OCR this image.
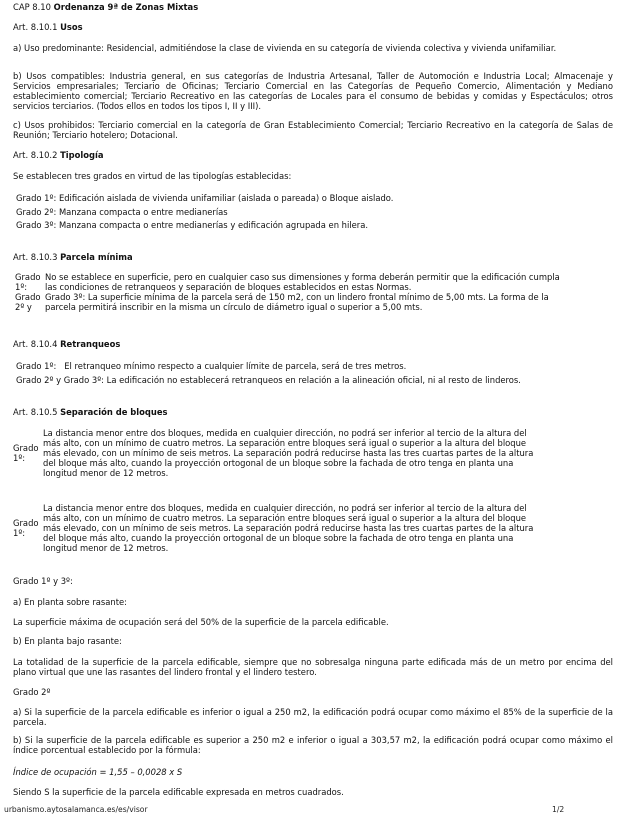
CAP 8.10 Ordenanza 9ª de Zonas Mixtas
Art. 8.10.1 Usos
a) Uso predominante: Residencial, admitiéndose la clase de vivienda en su categoría de vivienda colectiva y vivienda unifamiliar.
b) Usos compatibles: Industria general, en sus categorías de Industria Artesanal, Taller de Automoción e Industria Local; Almacenaje y Servicios empresariales; Terciario de Oficinas; Terciario Comercial en las Categorías de Pequeño Comercio, Alimentación y Mediano establecimiento comercial; Terciario Recreativo en las categorías de Locales para el consumo de bebidas y comidas y Espectáculos; otros servicios terciarios. (Todos ellos en todos los tipos I, II y III).
c) Usos prohibidos: Terciario comercial en la categoría de Gran Establecimiento Comercial; Terciario Recreativo en la categoría de Salas de Reunión; Terciario hotelero; Dotacional.
Art. 8.10.2 Tipología
Se establecen tres grados en virtud de las tipologías establecidas:
Grado 1º: Edificación aislada de vivienda unifamiliar (aislada o pareada) o Bloque aislado.
Grado 2º: Manzana compacta o entre medianerías
Grado 3º: Manzana compacta o entre medianerías y edificación agrupada en hilera.
Art. 8.10.3 Parcela mínima
Grado 1º:	No se establece en superficie, pero en cualquier caso sus dimensiones y forma deberán permitir que la edificación cumpla las condiciones de retranqueos y separación de bloques establecidos en estas Normas.
Grado 2º y	Grado 3º: La superficie mínima de la parcela será de 150 m2, con un lindero frontal mínimo de 5,00 mts. La forma de la parcela permitirá inscribir en la misma un círculo de diámetro igual o superior a 5,00 mts.
Art. 8.10.4 Retranqueos
Grado 1º:   El retranqueo mínimo respecto a cualquier límite de parcela, será de tres metros.
Grado 2º y Grado 3º: La edificación no establecerá retranqueos en relación a la alineación oficial, ni al resto de linderos.
Art. 8.10.5 Separación de bloques
Grado 1º:	La distancia menor entre dos bloques, medida en cualquier dirección, no podrá ser inferior al tercio de la altura del más alto, con un mínimo de cuatro metros. La separación entre bloques será igual o superior a la altura del bloque más elevado, con un mínimo de seis metros. La separación podrá reducirse hasta las tres cuartas partes de la altura del bloque más alto, cuando la proyección ortogonal de un bloque sobre la fachada de otro tenga en planta una longitud menor de 12 metros.
Grado 1º:	La distancia menor entre dos bloques, medida en cualquier dirección, no podrá ser inferior al tercio de la altura del más alto, con un mínimo de cuatro metros. La separación entre bloques será igual o superior a la altura del bloque más elevado, con un mínimo de seis metros. La separación podrá reducirse hasta las tres cuartas partes de la altura del bloque más alto, cuando la proyección ortogonal de un bloque sobre la fachada de otro tenga en planta una longitud menor de 12 metros.
Grado 1º y 3º:
a) En planta sobre rasante:
La superficie máxima de ocupación será del 50% de la superficie de la parcela edificable.
b) En planta bajo rasante:
La totalidad de la superficie de la parcela edificable, siempre que no sobresalga ninguna parte edificada más de un metro por encima del plano virtual que une las rasantes del lindero frontal y el lindero testero.
Grado 2º
a) Si la superficie de la parcela edificable es inferior o igual a 250 m2, la edificación podrá ocupar como máximo el 85% de la superficie de la parcela.
b) Si la superficie de la parcela edificable es superior a 250 m2 e inferior o igual a 303,57 m2, la edificación podrá ocupar como máximo el índice porcentual establecido por la fórmula:
Índice de ocupación = 1,55 – 0,0028 x S
Siendo S la superficie de la parcela edificable expresada en metros cuadrados.
urbanismo.aytosalamanca.es/es/visor	1/2
